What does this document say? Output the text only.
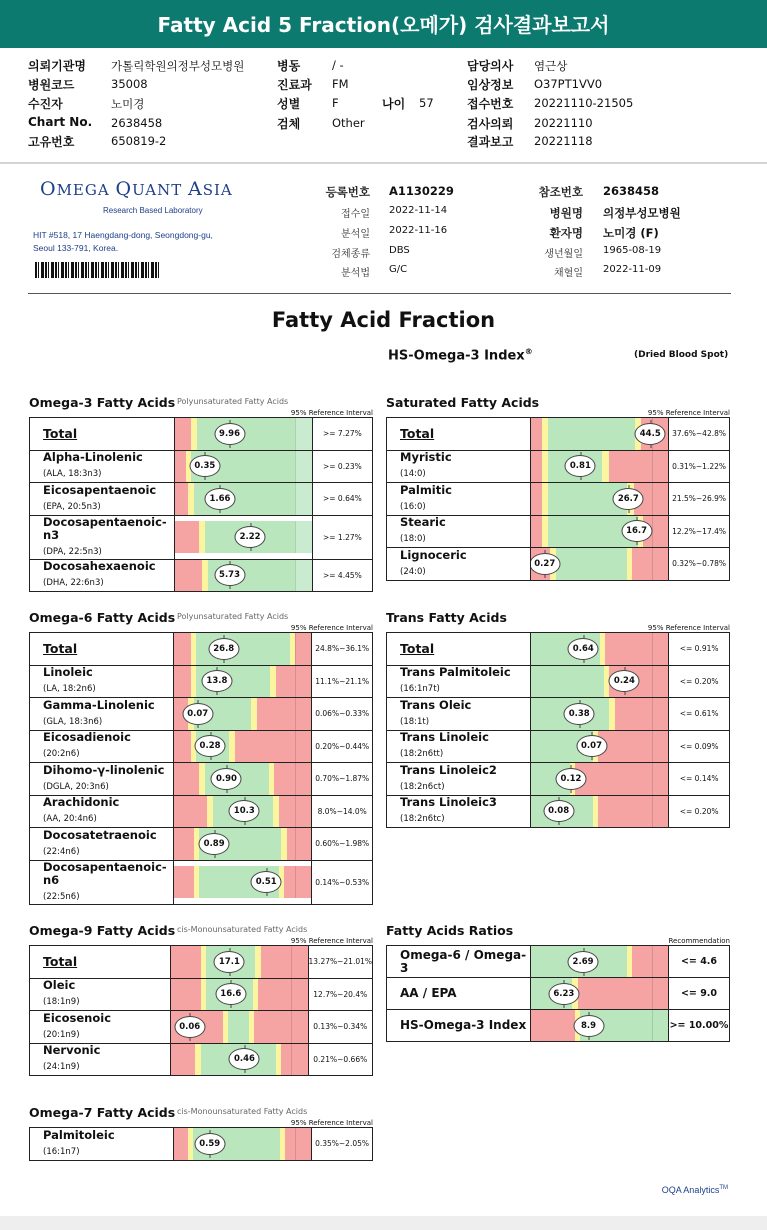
Fatty Acid 5 Fraction(오메가) 검사결과보고서
의뢰기관명 가톨릭학원의정부성모병원
병원코드	35008
수진자	노미경
Chart No. 2638458
고유번호	650819-2
병동	/ -
진료과 FM
성별	F
검체	Other
나이 57
담당의사 염근상
임상정보 O37PT1VV0
접수번호 20221110-21505
검사의뢰 20221110
결과보고 20221118
OMEGA QUANT ASIA
Research Based Laboratory
HIT #518, 17 Haengdang-dong, Seongdong-gu,
Seoul 133-791, Korea.
등록번호 A1130229
접수일 2022-11-14
분석일 2022-11-16
검체종류 DBS
분석법 G/C
참조번호 2638458
병원명 의정부성모병원
환자명 노미경 (F)
생년월일 1965-08-19
채혈일 2022-11-09
Fatty Acid Fraction
HS-Omega-3 Index®	(Dried Blood Spot)
Omega-3 Fatty Acids Polyunsaturated Fatty Acids
95% Reference Interval
Total	9.96	>= 7.27%
Alpha-Linolenic
(ALA, 18:3n3)	0.35	>= 0.23%
Eicosapentaenoic
(EPA, 20:5n3)	1.66	>= 0.64%
Docosapentaenoic-n3
(DPA, 22:5n3)	2.22	>= 1.27%
Docosahexaenoic
(DHA, 22:6n3)	5.73	>= 4.45%
Saturated Fatty Acids
95% Reference Interval
Total	44.5	37.6%~42.8%
Myristic
(14:0)	0.81	0.31%~1.22%
Palmitic
(16:0)	26.7	21.5%~26.9%
Stearic
(18:0)	16.7	12.2%~17.4%
Lignoceric
(24:0)	0.27	0.32%~0.78%
Omega-6 Fatty Acids Polyunsaturated Fatty Acids
95% Reference Interval
Total	26.8	24.8%~36.1%
Linoleic
(LA, 18:2n6)	13.8	11.1%~21.1%
Gamma-Linolenic
(GLA, 18:3n6)	0.07	0.06%~0.33%
Eicosadienoic
(20:2n6)	0.28	0.20%~0.44%
Dihomo-γ-linolenic
(DGLA, 20:3n6)	0.90	0.70%~1.87%
Arachidonic
(AA, 20:4n6)	10.3	8.0%~14.0%
Docosatetraenoic
(22:4n6)	0.89	0.60%~1.98%
Docosapentaenoic-n6
(22:5n6)	0.51	0.14%~0.53%
Trans Fatty Acids
95% Reference Interval
Total	0.64	<= 0.91%
Trans Palmitoleic
(16:1n7t)	0.24	<= 0.20%
Trans Oleic
(18:1t)	0.38	<= 0.61%
Trans Linoleic
(18:2n6tt)	0.07	<= 0.09%
Trans Linoleic2
(18:2n6ct)	0.12	<= 0.14%
Trans Linoleic3
(18:2n6tc)	0.08	<= 0.20%
Omega-9 Fatty Acids cis-Monounsaturated Fatty Acids
95% Reference Interval
Total	17.1	13.27%~21.01%
Oleic
(18:1n9)	16.6	12.7%~20.4%
Eicosenoic
(20:1n9)	0.06	0.13%~0.34%
Nervonic
(24:1n9)	0.46	0.21%~0.66%
Fatty Acids Ratios
Recommendation
Omega-6 / Omega-3	2.69	<= 4.6
AA / EPA	6.23	<= 9.0
HS-Omega-3 Index	8.9	>= 10.00%
Omega-7 Fatty Acids cis-Monounsaturated Fatty Acids
95% Reference Interval
Palmitoleic
(16:1n7)

0.59	0.35%~2.05%
OQA Analytics™
